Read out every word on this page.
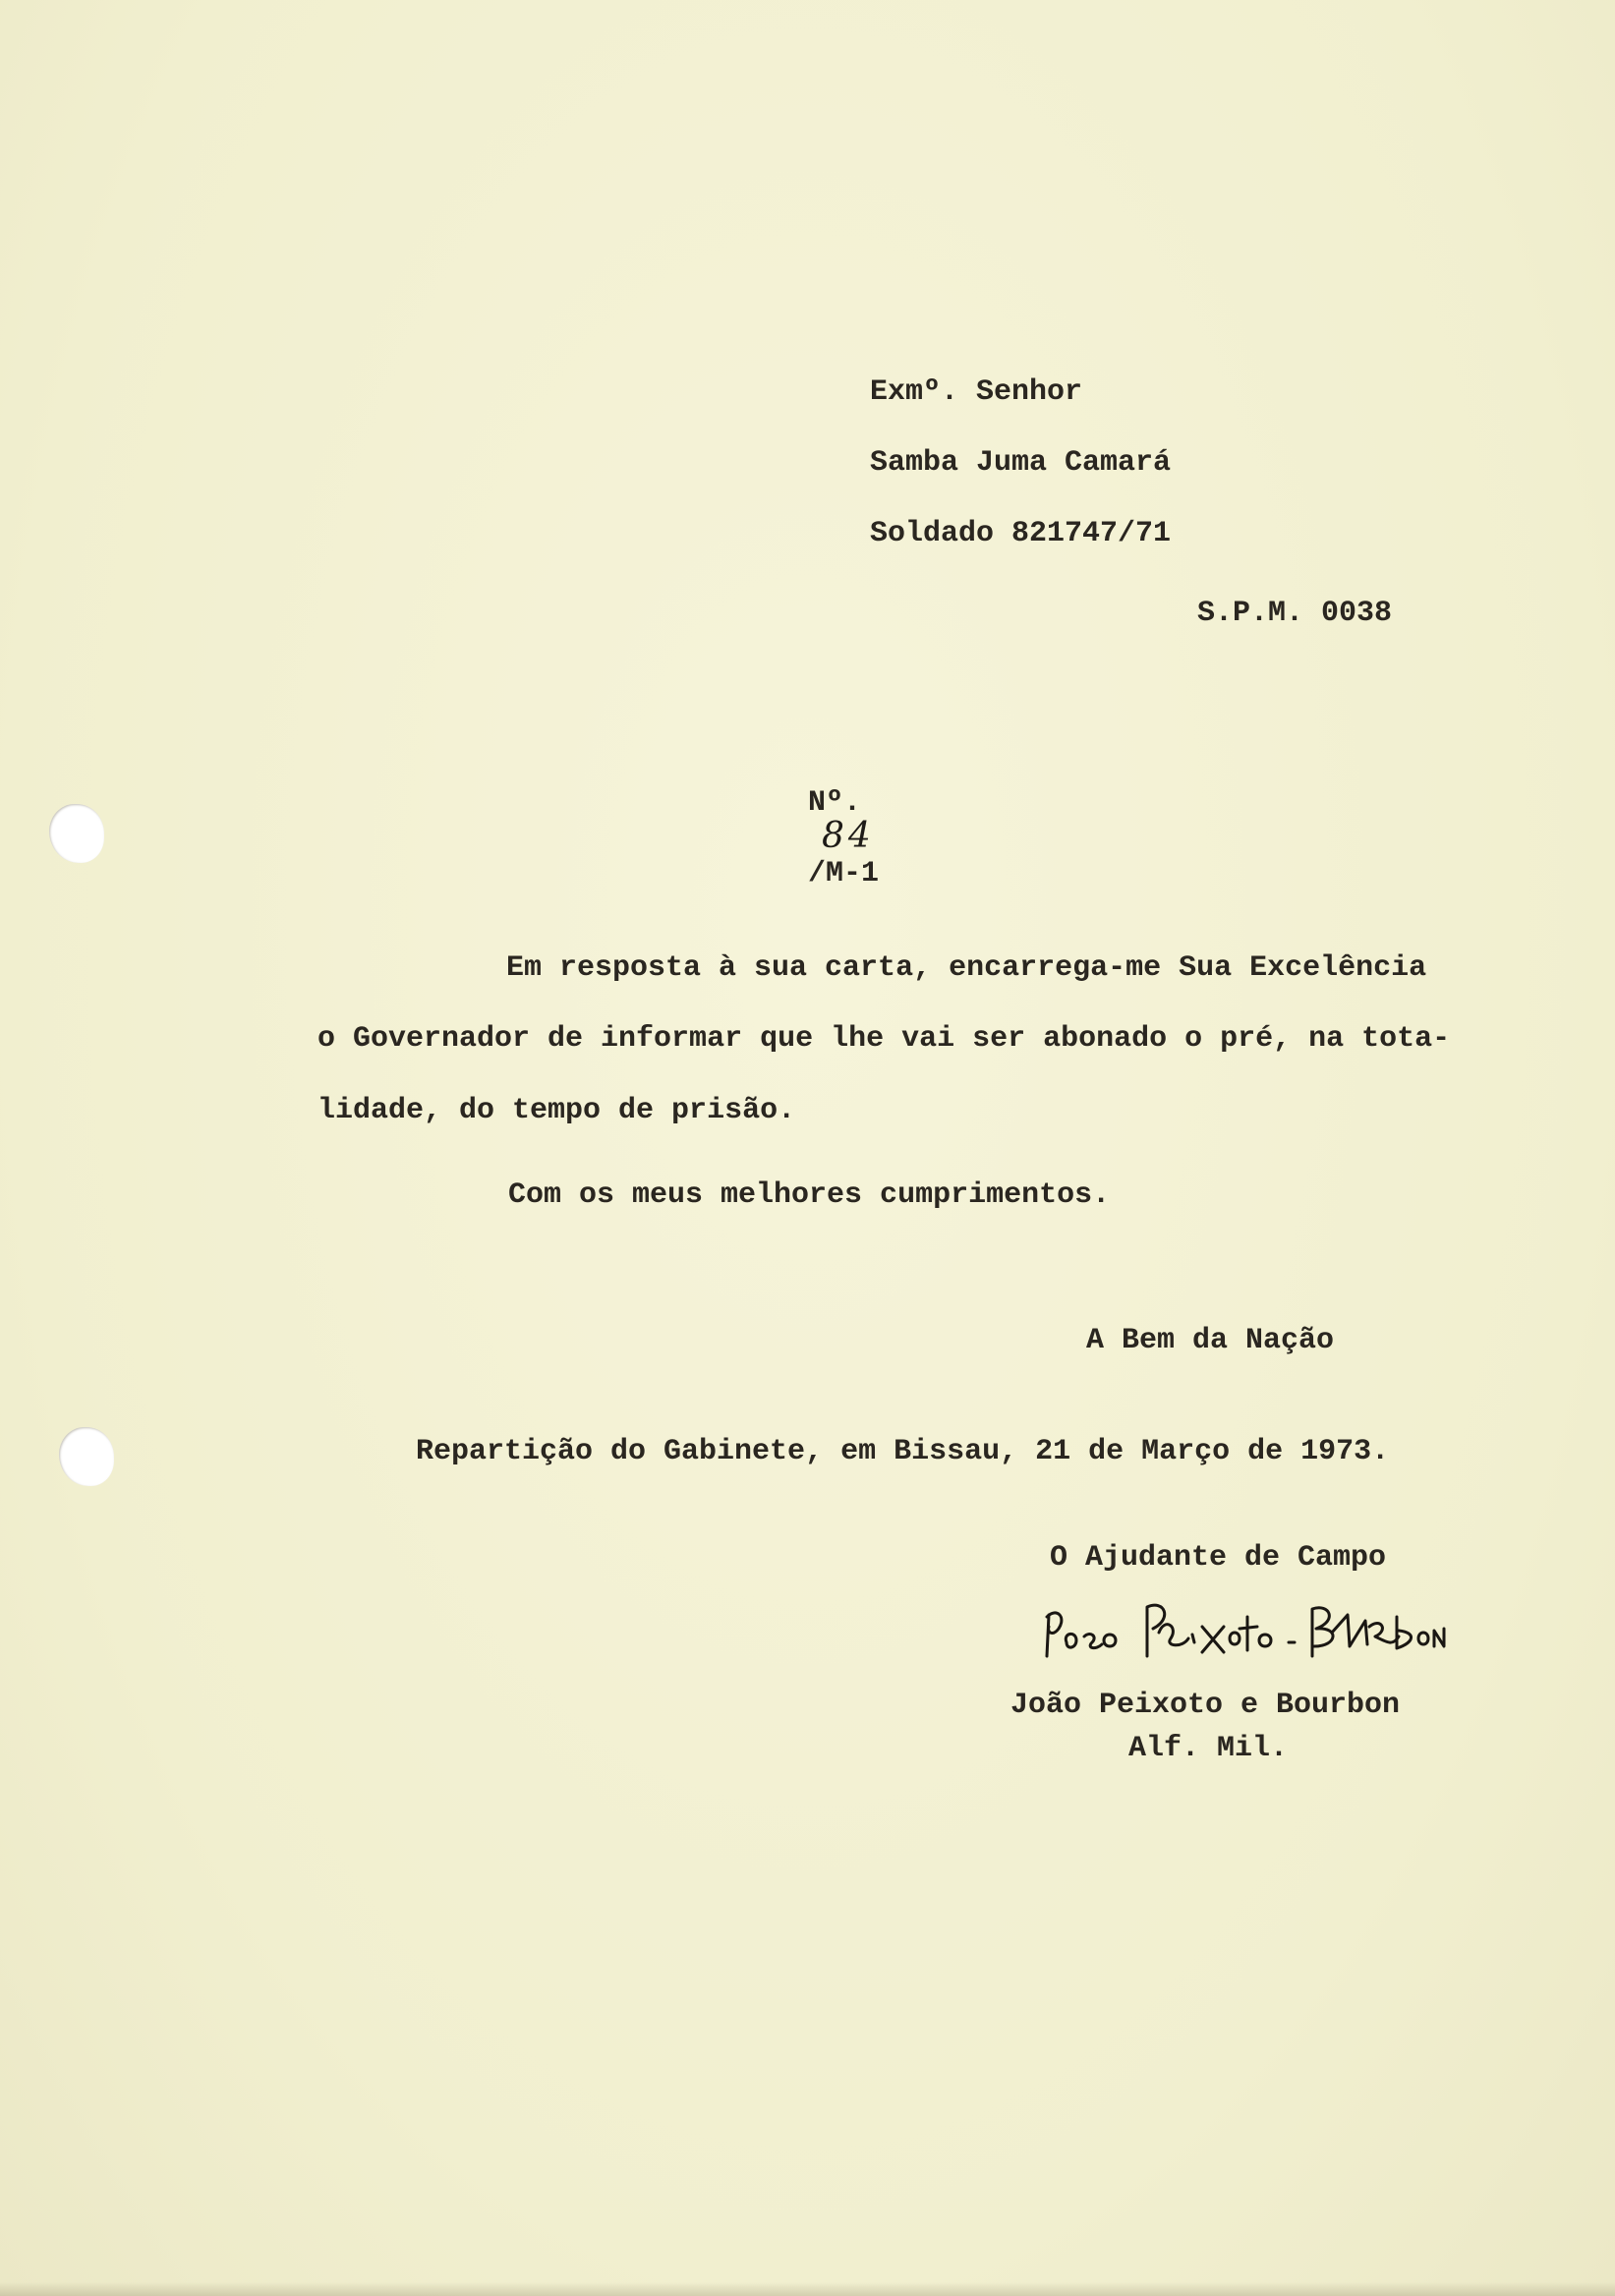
Exmº. Senhor
Samba Juma Camará
Soldado 821747/71
S.P.M. 0038

Nº.
84
/M-1

Em resposta à sua carta, encarrega-me Sua Excelência
o Governador de informar que lhe vai ser abonado o pré, na tota-
lidade, do tempo de prisão.
Com os meus melhores cumprimentos.
A Bem da Nação
Repartição do Gabinete, em Bissau, 21 de Março de 1973.
O Ajudante de Campo
João Peixoto e Bourbon
Alf. Mil.
